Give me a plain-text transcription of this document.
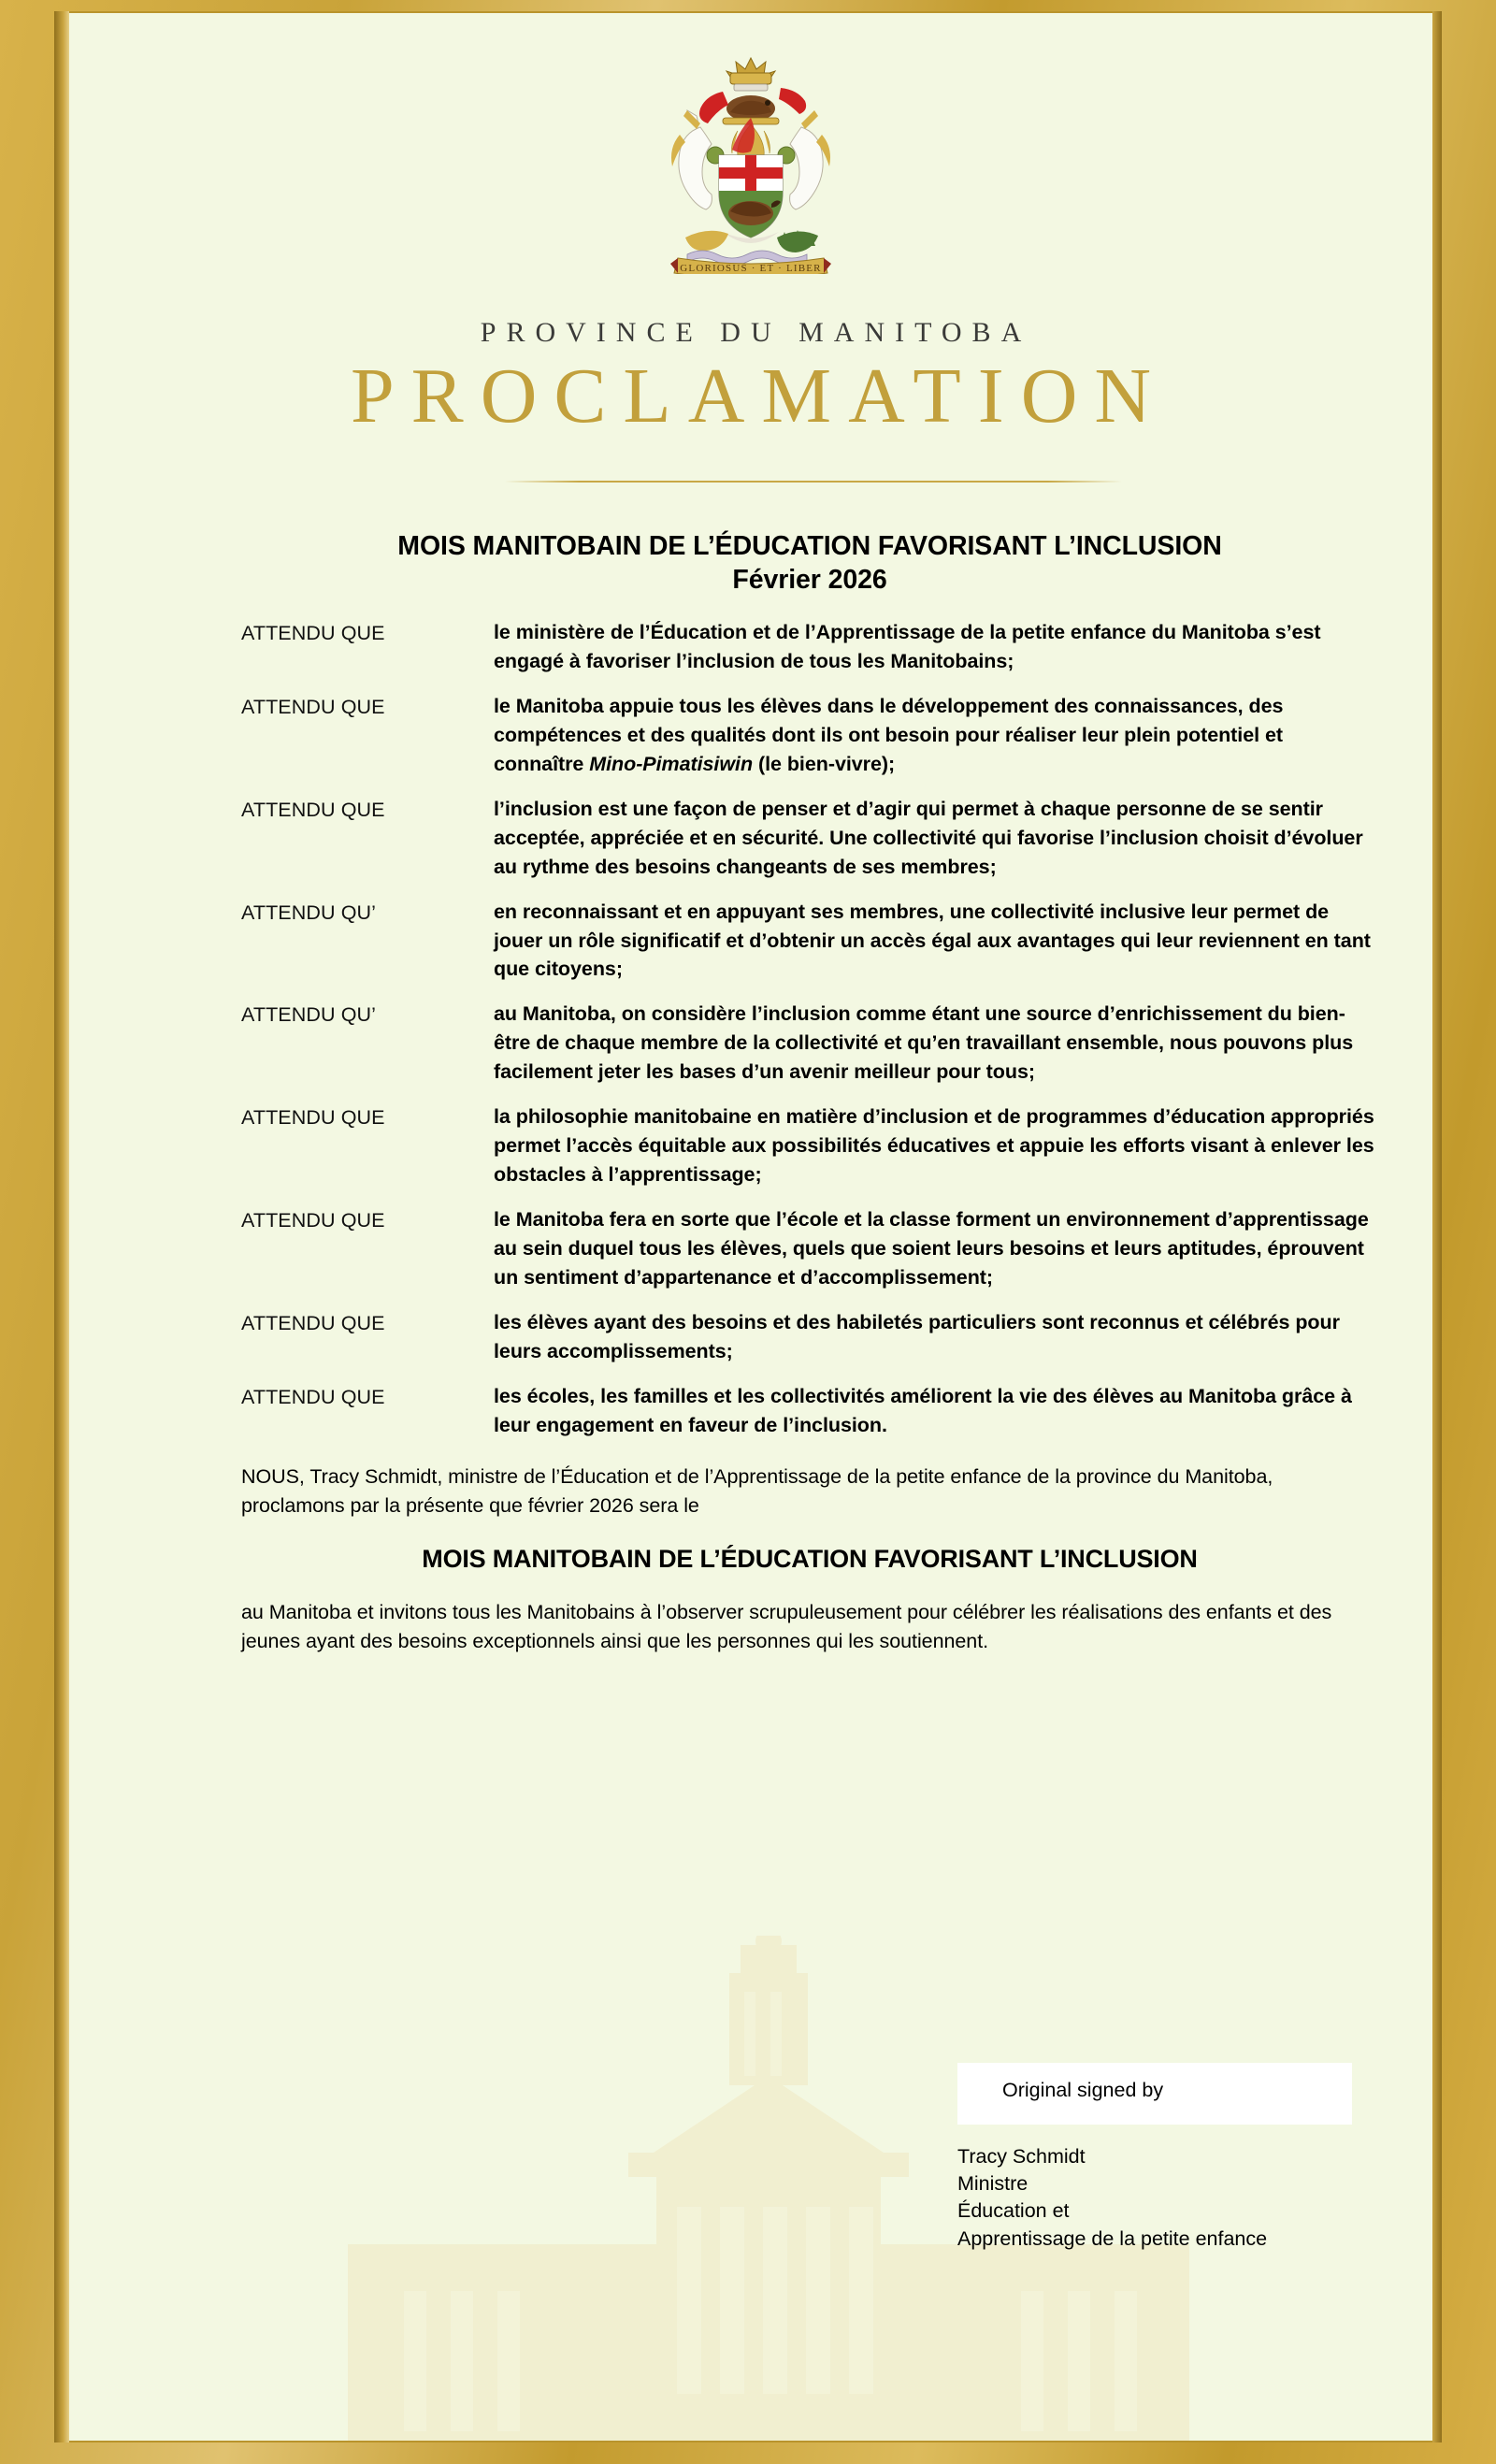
GLORIOSUS · ET · LIBER
PROVINCE DU MANITOBA
PROCLAMATION
MOIS MANITOBAIN DE L’ÉDUCATION FAVORISANT L’INCLUSION
Février 2026
ATTENDU QUE	le ministère de l’Éducation et de l’Apprentissage de la petite enfance du Manitoba s’est engagé à favoriser l’inclusion de tous les Manitobains;
ATTENDU QUE	le Manitoba appuie tous les élèves dans le développement des connaissances, des compétences et des qualités dont ils ont besoin pour réaliser leur plein potentiel et connaître Mino-Pimatisiwin (le bien-vivre);
ATTENDU QUE	l’inclusion est une façon de penser et d’agir qui permet à chaque personne de se sentir acceptée, appréciée et en sécurité. Une collectivité qui favorise l’inclusion choisit d’évoluer au rythme des besoins changeants de ses membres;
ATTENDU QU’	en reconnaissant et en appuyant ses membres, une collectivité inclusive leur permet de jouer un rôle significatif et d’obtenir un accès égal aux avantages qui leur reviennent en tant que citoyens;
ATTENDU QU’	au Manitoba, on considère l’inclusion comme étant une source d’enrichissement du bien-être de chaque membre de la collectivité et qu’en travaillant ensemble, nous pouvons plus facilement jeter les bases d’un avenir meilleur pour tous;
ATTENDU QUE	la philosophie manitobaine en matière d’inclusion et de programmes d’éducation appropriés permet l’accès équitable aux possibilités éducatives et appuie les efforts visant à enlever les obstacles à l’apprentissage;
ATTENDU QUE	le Manitoba fera en sorte que l’école et la classe forment un environnement d’apprentissage au sein duquel tous les élèves, quels que soient leurs besoins et leurs aptitudes, éprouvent un sentiment d’appartenance et d’accomplissement;
ATTENDU QUE	les élèves ayant des besoins et des habiletés particuliers sont reconnus et célébrés pour leurs accomplissements;
ATTENDU QUE	les écoles, les familles et les collectivités améliorent la vie des élèves au Manitoba grâce à leur engagement en faveur de l’inclusion.
NOUS, Tracy Schmidt, ministre de l’Éducation et de l’Apprentissage de la petite enfance de la province du Manitoba, proclamons par la présente que février 2026 sera le
MOIS MANITOBAIN DE L’ÉDUCATION FAVORISANT L’INCLUSION
au Manitoba et invitons tous les Manitobains à l’observer scrupuleusement pour célébrer les réalisations des enfants et des jeunes ayant des besoins exceptionnels ainsi que les personnes qui les soutiennent.
Original signed by
Tracy Schmidt
Ministre
Éducation et
Apprentissage de la petite enfance
